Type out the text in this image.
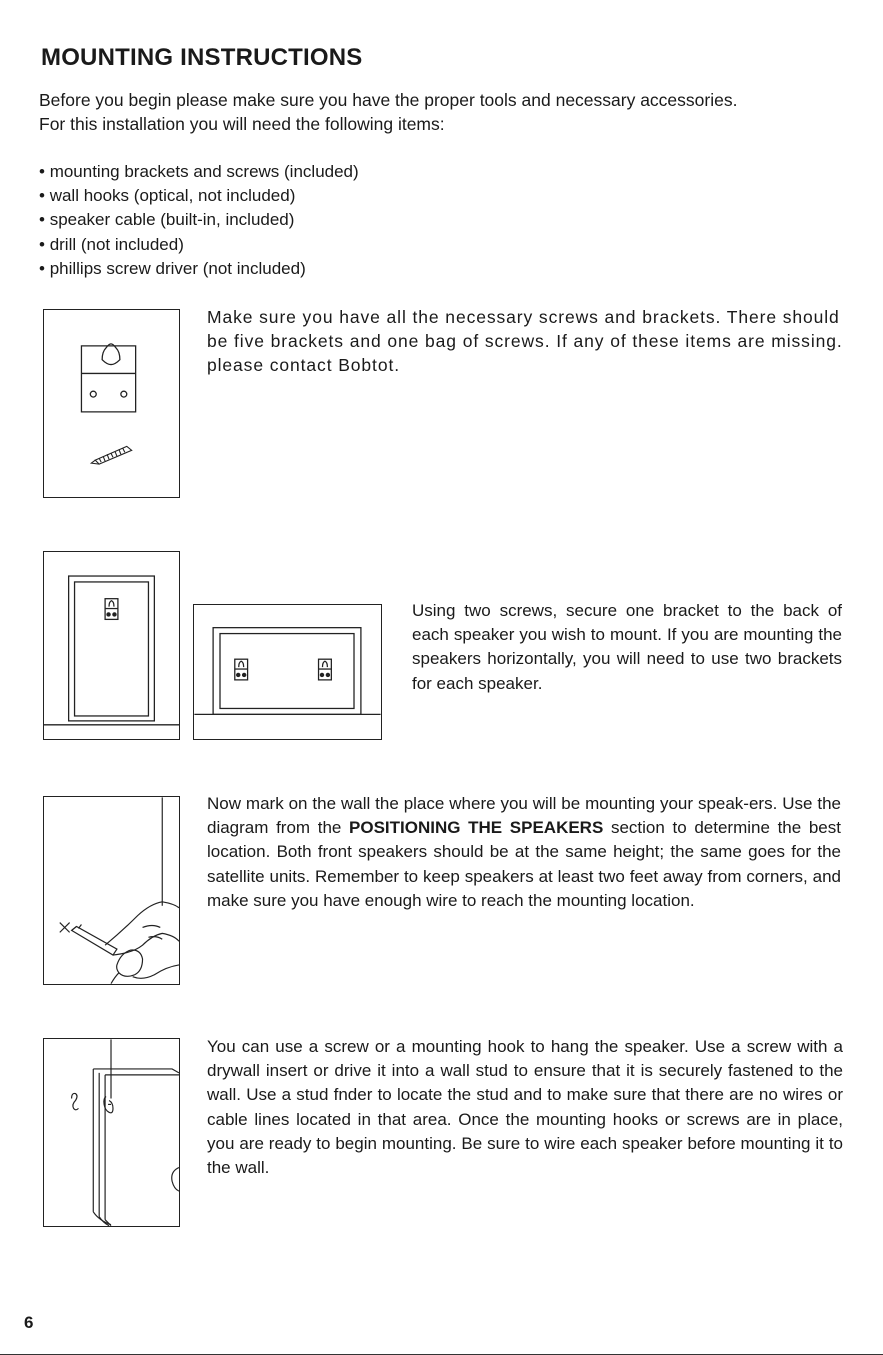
MOUNTING INSTRUCTIONS

Before you begin please make sure you have the proper tools and necessary accessories.

For this installation you will need the following items:

• mounting brackets and screws (included)
• wall hooks (optical, not included)
• speaker cable (built-in, included)
• drill (not included)
• phillips screw driver (not included)

Make sure you have all the necessary screws and brackets. There should be five brackets and one bag of screws. If any of these items are missing. please contact Bobtot.

Using two screws, secure one bracket to the back of each speaker you wish to mount. If you are mounting the speakers horizontally, you will need to use two brackets for each speaker.

Now mark on the wall the place where you will be mounting your speak-ers. Use the diagram from the POSITIONING THE SPEAKERS section to determine the best location. Both front speakers should be at the same height; the same goes for the satellite units. Remember to keep speakers at least two feet away from corners, and make sure you have enough wire to reach the mounting location.

You can use a screw or a mounting hook to hang the speaker. Use a screw with a drywall insert or drive it into a wall stud to ensure that it is securely fastened to the wall. Use a stud fnder to locate the stud and to make sure that there are no wires or cable lines located in that area. Once the mounting hooks or screws are in place, you are ready to begin mounting. Be sure to wire each speaker before mounting it to the wall.

6
